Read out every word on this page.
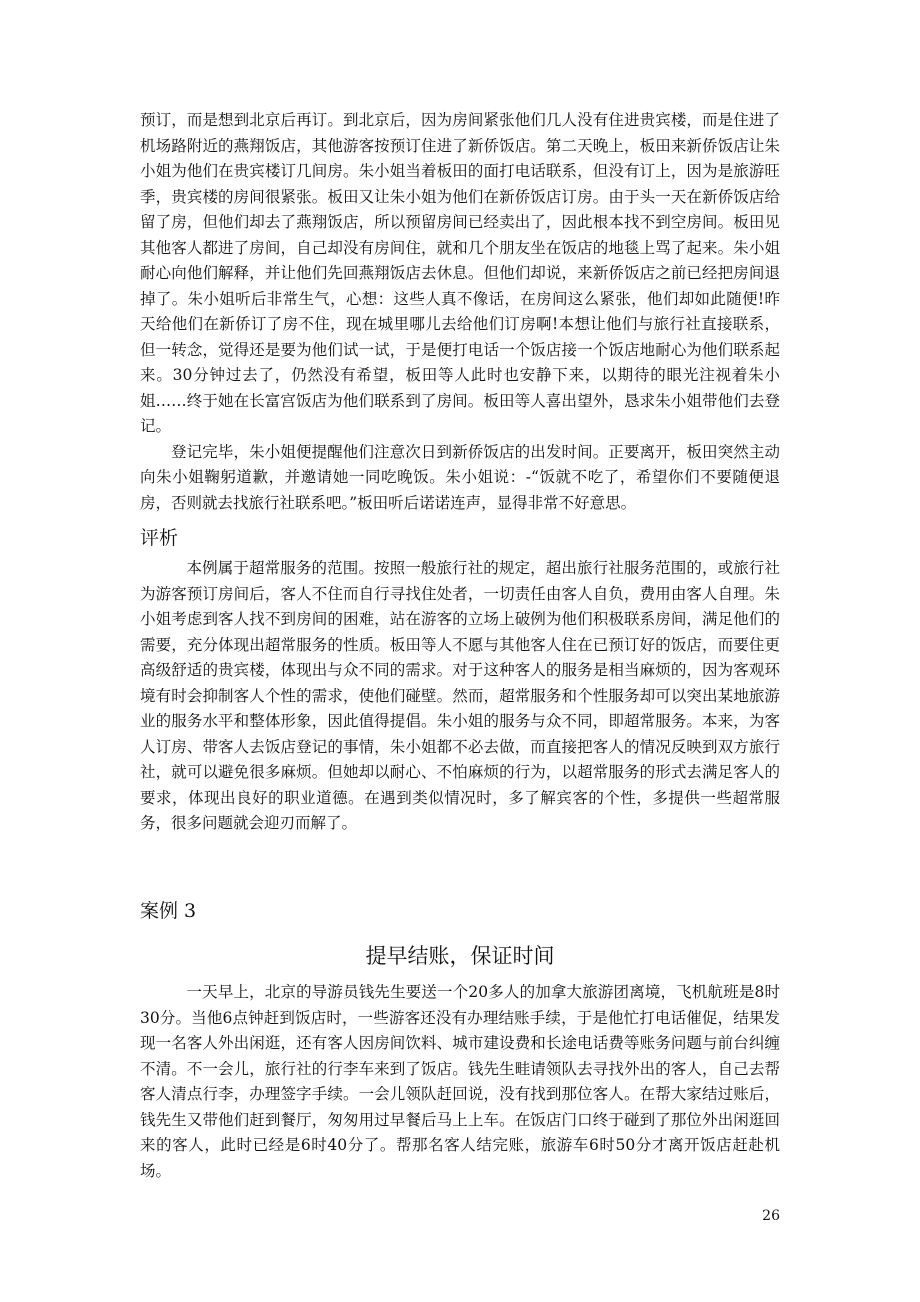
预订，而是想到北京后再订。到北京后，因为房间紧张他们几人没有住进贵宾楼，而是住进了机场路附近的燕翔饭店，其他游客按预订住进了新侨饭店。第二天晚上，板田来新侨饭店让朱小姐为他们在贵宾楼订几间房。朱小姐当着板田的面打电话联系，但没有订上，因为是旅游旺季，贵宾楼的房间很紧张。板田又让朱小姐为他们在新侨饭店订房。由于头一天在新侨饭店给留了房，但他们却去了燕翔饭店，所以预留房间已经卖出了，因此根本找不到空房间。板田见其他客人都进了房间，自己却没有房间住，就和几个朋友坐在饭店的地毯上骂了起来。朱小姐耐心向他们解释，并让他们先回燕翔饭店去休息。但他们却说，来新侨饭店之前已经把房间退掉了。朱小姐听后非常生气，心想：这些人真不像话，在房间这么紧张，他们却如此随便!昨天给他们在新侨订了房不住，现在城里哪儿去给他们订房啊!本想让他们与旅行社直接联系，但一转念，觉得还是要为他们试一试，于是便打电话一个饭店接一个饭店地耐心为他们联系起来。30分钟过去了，仍然没有希望，板田等人此时也安静下来，以期待的眼光注视着朱小姐……终于她在长富宫饭店为他们联系到了房间。板田等人喜出望外，恳求朱小姐带他们去登记。

登记完毕，朱小姐便提醒他们注意次日到新侨饭店的出发时间。正要离开，板田突然主动向朱小姐鞠躬道歉，并邀请她一同吃晚饭。朱小姐说：-“饭就不吃了，希望你们不要随便退房，否则就去找旅行社联系吧。”板田听后诺诺连声，显得非常不好意思。

评析

本例属于超常服务的范围。按照一般旅行社的规定，超出旅行社服务范围的，或旅行社为游客预订房间后，客人不住而自行寻找住处者，一切责任由客人自负，费用由客人自理。朱小姐考虑到客人找不到房间的困难，站在游客的立场上破例为他们积极联系房间，满足他们的需要，充分体现出超常服务的性质。板田等人不愿与其他客人住在已预订好的饭店，而要住更高级舒适的贵宾楼，体现出与众不同的需求。对于这种客人的服务是相当麻烦的，因为客观环境有时会抑制客人个性的需求，使他们碰壁。然而，超常服务和个性服务却可以突出某地旅游业的服务水平和整体形象，因此值得提倡。朱小姐的服务与众不同，即超常服务。本来，为客人订房、带客人去饭店登记的事情，朱小姐都不必去做，而直接把客人的情况反映到双方旅行社，就可以避免很多麻烦。但她却以耐心、不怕麻烦的行为，以超常服务的形式去满足客人的要求，体现出良好的职业道德。在遇到类似情况时，多了解宾客的个性，多提供一些超常服务，很多问题就会迎刃而解了。

案例 3
提早结账，保证时间

一天早上，北京的导游员钱先生要送一个20多人的加拿大旅游团离境，飞机航班是8时30分。当他6点钟赶到饭店时，一些游客还没有办理结账手续，于是他忙打电话催促，结果发现一名客人外出闲逛，还有客人因房间饮料、城市建设费和长途电话费等账务问题与前台纠缠不清。不一会儿，旅行社的行李车来到了饭店。钱先生畦请领队去寻找外出的客人，自己去帮客人清点行李，办理签字手续。一会儿领队赶回说，没有找到那位客人。在帮大家结过账后，钱先生又带他们赶到餐厅，匆匆用过早餐后马上上车。在饭店门口终于碰到了那位外出闲逛回来的客人，此时已经是6时40分了。帮那名客人结完账，旅游车6时50分才离开饭店赶赴机场。

26
